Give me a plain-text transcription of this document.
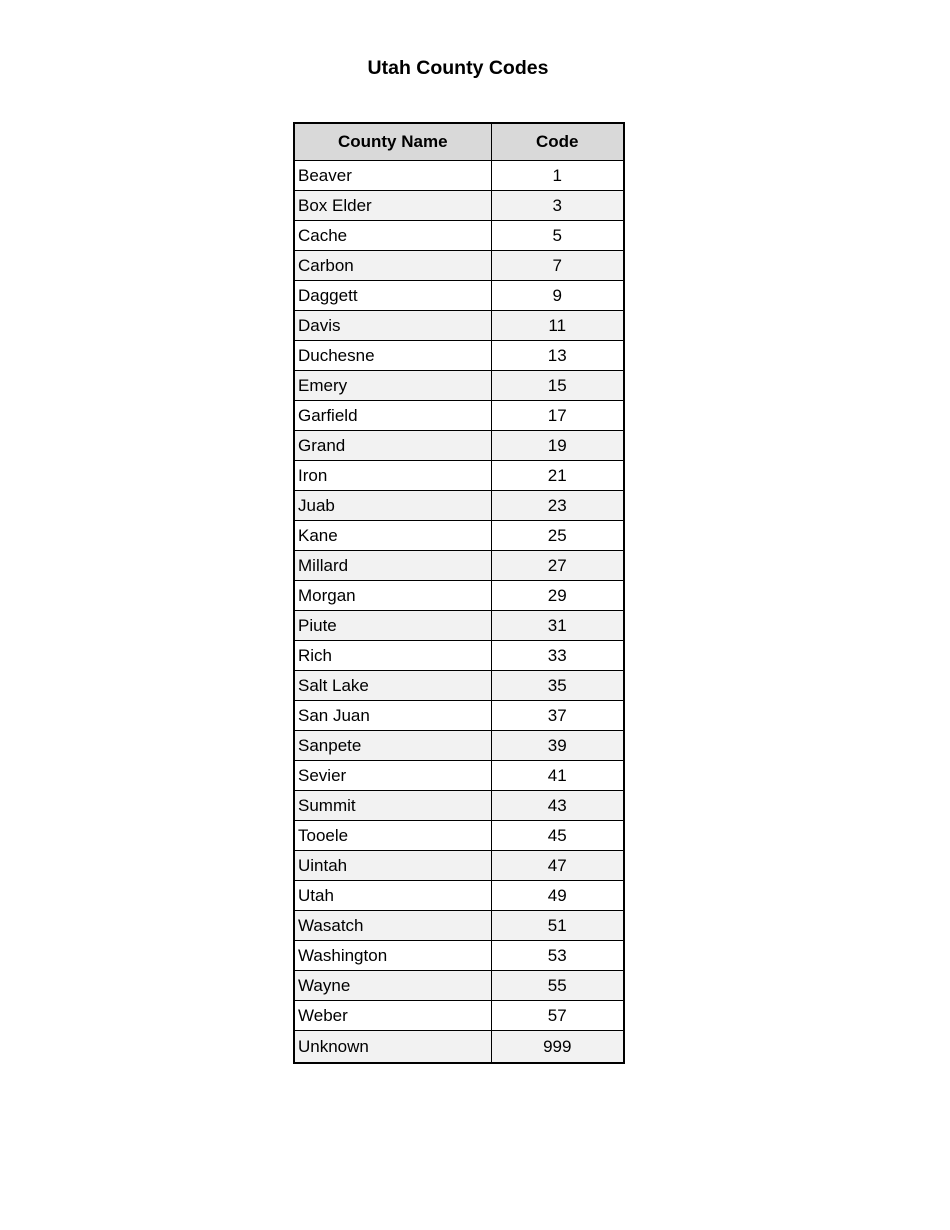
Utah County Codes
County Name	Code
Beaver	1
Box Elder	3
Cache	5
Carbon	7
Daggett	9
Davis	11
Duchesne	13
Emery	15
Garfield	17
Grand	19
Iron	21
Juab	23
Kane	25
Millard	27
Morgan	29
Piute	31
Rich	33
Salt Lake	35
San Juan	37
Sanpete	39
Sevier	41
Summit	43
Tooele	45
Uintah	47
Utah	49
Wasatch	51
Washington	53
Wayne	55
Weber	57
Unknown	999
